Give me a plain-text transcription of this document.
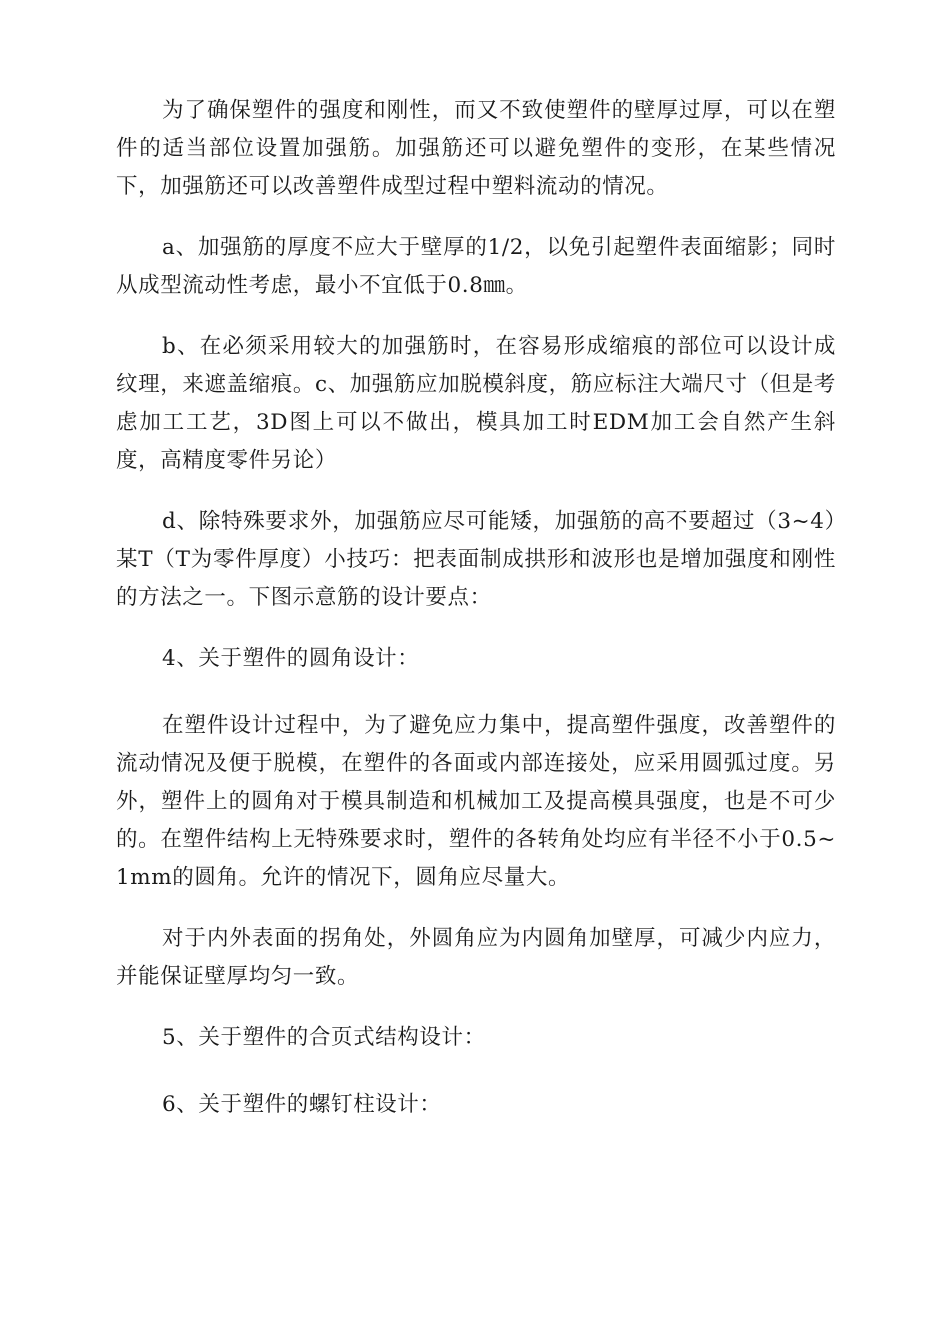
为了确保塑件的强度和刚性，而又不致使塑件的壁厚过厚，可以在塑件的适当部位设置加强筋。加强筋还可以避免塑件的变形，在某些情况下，加强筋还可以改善塑件成型过程中塑料流动的情况。

a、加强筋的厚度不应大于壁厚的1/2，以免引起塑件表面缩影；同时从成型流动性考虑，最小不宜低于0.8㎜。

b、在必须采用较大的加强筋时，在容易形成缩痕的部位可以设计成纹理，来遮盖缩痕。c、加强筋应加脱模斜度，筋应标注大端尺寸（但是考虑加工工艺，3D图上可以不做出，模具加工时EDM加工会自然产生斜度，高精度零件另论）

d、除特殊要求外，加强筋应尽可能矮，加强筋的高不要超过（3~4）某T（T为零件厚度）小技巧：把表面制成拱形和波形也是增加强度和刚性的方法之一。下图示意筋的设计要点：

4、关于塑件的圆角设计：

在塑件设计过程中，为了避免应力集中，提高塑件强度，改善塑件的流动情况及便于脱模，在塑件的各面或内部连接处，应采用圆弧过度。另外，塑件上的圆角对于模具制造和机械加工及提高模具强度，也是不可少的。在塑件结构上无特殊要求时，塑件的各转角处均应有半径不小于0.5~1mm的圆角。允许的情况下，圆角应尽量大。

对于内外表面的拐角处，外圆角应为内圆角加壁厚，可减少内应力，并能保证壁厚均匀一致。

5、关于塑件的合页式结构设计：

6、关于塑件的螺钉柱设计：
